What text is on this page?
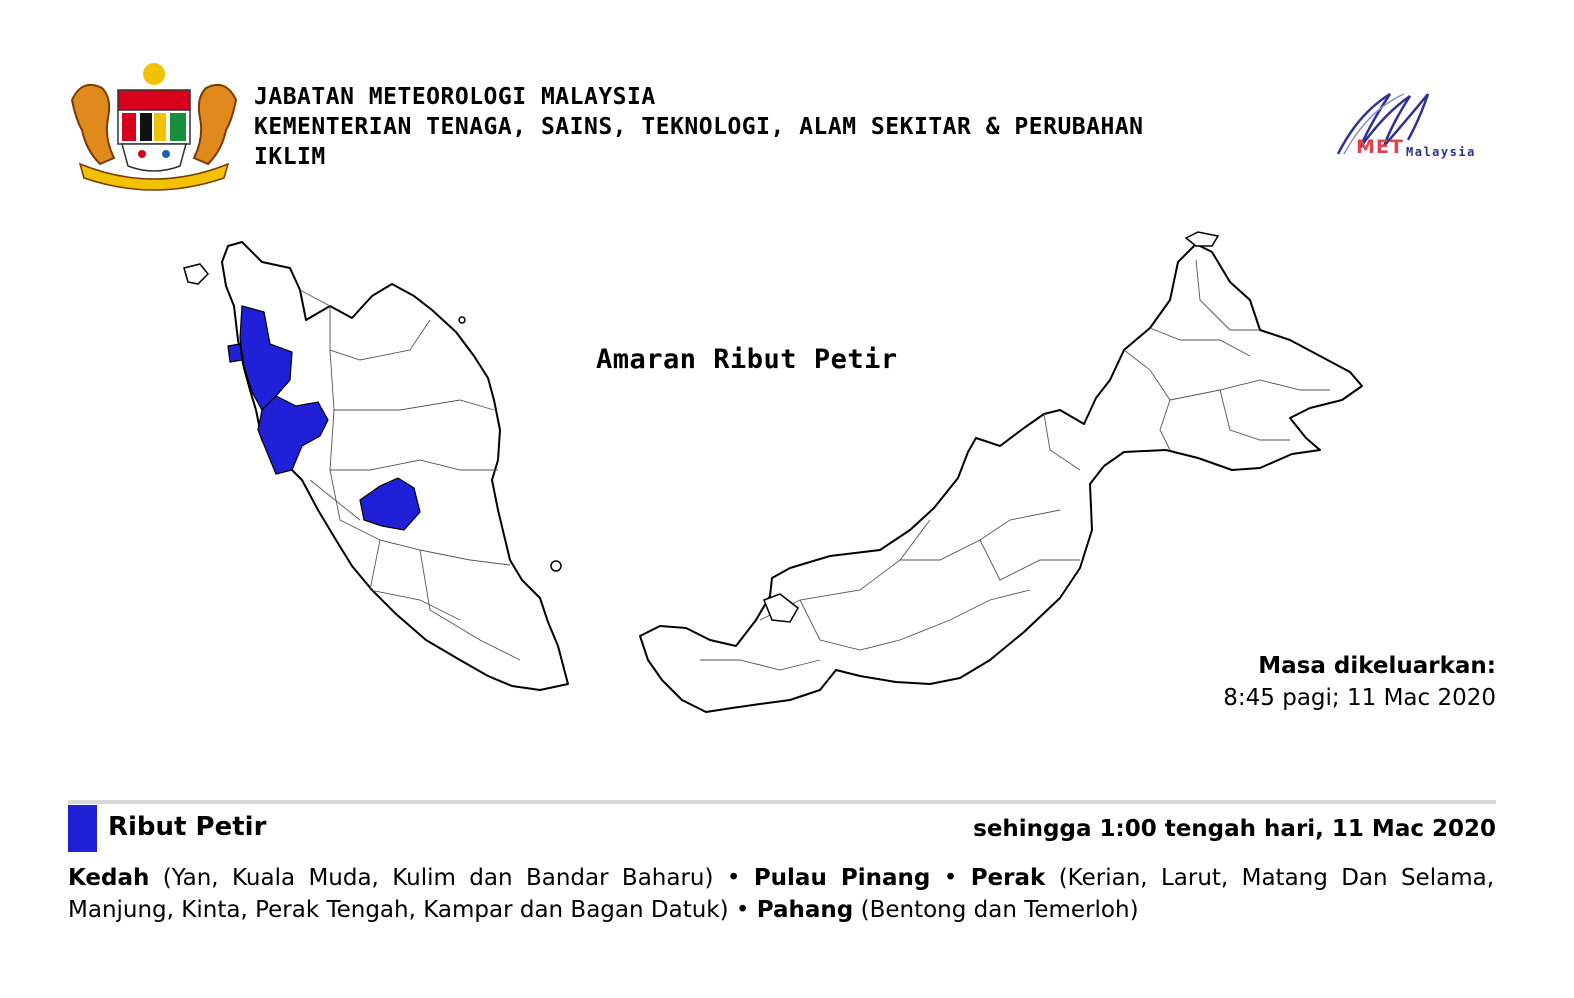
JABATAN METEOROLOGI MALAYSIA
KEMENTERIAN TENAGA, SAINS, TEKNOLOGI, ALAM SEKITAR & PERUBAHAN
IKLIM	MET Malaysia
Amaran Ribut Petir
Masa dikeluarkan:
8:45 pagi; 11 Mac 2020
Ribut Petir	sehingga 1:00 tengah hari, 11 Mac 2020
Kedah (Yan, Kuala Muda, Kulim dan Bandar Baharu) • Pulau Pinang • Perak (Kerian, Larut, Matang Dan Selama, Manjung, Kinta, Perak Tengah, Kampar dan Bagan Datuk) • Pahang (Bentong dan Temerloh)
